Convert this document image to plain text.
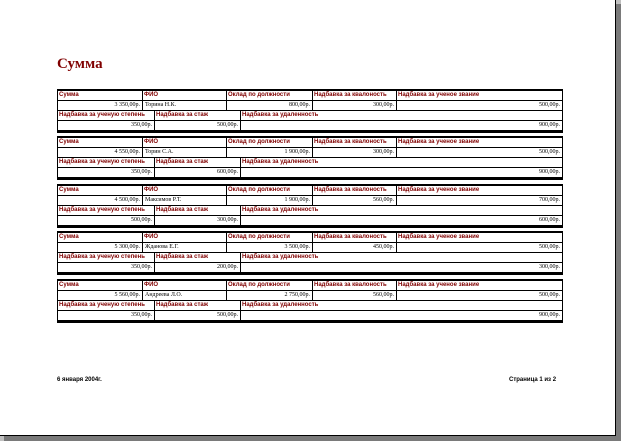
Сумма
Сумма	ФИО	Оклад по должности	Надбавка за квалоность	Надбавка за ученое звание
3 350,00р. Торина Н.К.	800,00р.	300,00р.	500,00р.
Надбавка за ученую степень	Надбавка за стаж	Надбавка за удаленность
350,00р.	500,00р.	900,00р.
Сумма	ФИО	Оклад по должности	Надбавка за квалоность	Надбавка за ученое звание
4 550,00р. Торин С.А.	1 900,00р.	300,00р.	500,00р.
Надбавка за ученую степень	Надбавка за стаж	Надбавка за удаленность
350,00р.	600,00р.	900,00р.
Сумма	ФИО	Оклад по должности	Надбавка за квалоность	Надбавка за ученое звание
4 500,00р. Максимов Р.Т.	1 900,00р.	560,00р.	700,00р.
Надбавка за ученую степень	Надбавка за стаж	Надбавка за удаленность
500,00р.	300,00р.	600,00р.
Сумма	ФИО	Оклад по должности	Надбавка за квалоность	Надбавка за ученое звание
5 300,00р. Жданова Е.Г.	3 500,00р.	450,00р.	500,00р.
Надбавка за ученую степень	Надбавка за стаж	Надбавка за удаленность
350,00р.	200,00р.	300,00р.
Сумма	ФИО	Оклад по должности	Надбавка за квалоность	Надбавка за ученое звание
5 560,00р. Андреева Л.О.	2 750,00р.	560,00р.	500,00р.
Надбавка за ученую степень	Надбавка за стаж	Надбавка за удаленность
350,00р.	500,00р.	900,00р.
6 января 2004г.	Страница 1 из 2
